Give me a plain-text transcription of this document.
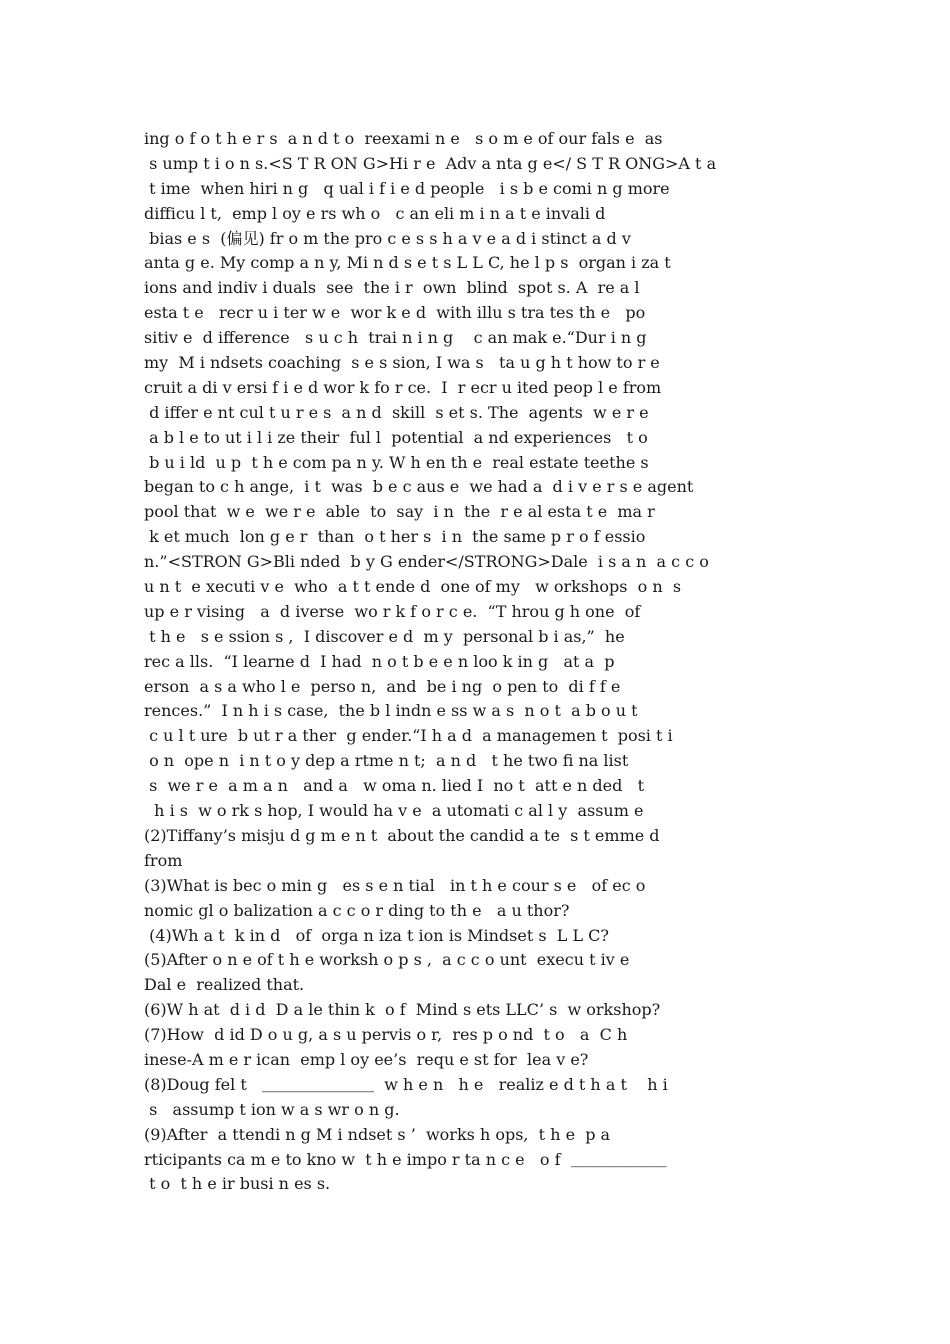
ing o f o t h e r s  a n d t o  reexami n e   s o m e of our fals e  as
s ump t i o n s.<S T R ON G>Hi r e  Adv a nta g e</ S T R ONG>A t a
t ime  when hiri n g   q ual i f i e d people   i s b e comi n g more
difficu l t,  emp l oy e rs wh o   c an eli m i n a t e invali d
bias e s  (偏见) fr o m the pro c e s s h a v e a d i stinct a d v
anta g e. My comp a n y, Mi n d s e t s L L C, he l p s  organ i za t
ions and indiv i duals  see  the i r  own  blind  spot s. A  re a l
esta t e   recr u i ter w e  wor k e d  with illu s tra tes th e   po
sitiv e  d ifference   s u c h  trai n i n g    c an mak e.“Dur i n g
my  M i ndsets coaching  s e s sion, I wa s   ta u g h t how to r e
cruit a di v ersi f i e d wor k fo r ce.  I  r ecr u ited peop l e from
d iffer e nt cul t u r e s  a n d  skill  s et s. The  agents  w e r e
a b l e to ut i l i ze their  ful l  potential  a nd experiences   t o
b u i ld  u p  t h e com pa n y. W h en th e  real estate teethe s
began to c h ange,  i t  was  b e c aus e  we had a  d i v e r s e agent
pool that  w e  we r e  able  to  say  i n  the  r e al esta t e  ma r
k et much  lon g e r  than  o t her s  i n  the same p r o f essio
n.”<STRON G>Bli nded  b y G ender</STRONG>Dale  i s a n  a c c o
u n t  e xecuti v e  who  a t t ende d  one of my   w orkshops  o n  s
up e r vising   a  d iverse  wo r k f o r c e.  “T hrou g h one  of
t h e   s e ssion s ,  I discover e d  m y  personal b i as,”  he
rec a lls.  “I learne d  I had  n o t b e e n loo k in g   at a  p
erson  a s a who l e  perso n,  and  be i ng  o pen to  di f f e
rences.”  I n h i s case,  the b l indn e ss w a s  n o t  a b o u t
c u l t ure  b ut r a ther  g ender.“I h a d  a managemen t  posi t i
o n  ope n  i n t o y dep a rtme n t;  a n d   t he two fi na list
s  we r e  a m a n   and a   w oma n. lied I  no t  att e n ded   t
h i s  w o rk s hop, I would ha v e  a utomati c al l y  assum e
(2)Tiffany’s misju d g m e n t  about the candid a te  s t emme d
from
(3)What is bec o min g   es s e n tial   in t h e cour s e   of ec o
nomic gl o balization a c c o r ding to th e   a u thor?
(4)Wh a t  k in d   of  orga n iza t ion is Mindset s  L L C?
(5)After o n e of t h e worksh o p s ,  a c c o unt  execu t iv e
Dal e  realized that.
(6)W h at  d i d  D a le thin k  o f  Mind s ets LLC’ s  w orkshop?
(7)How  d id D o u g, a s u pervis o r,  res p o nd  t o   a  C h
inese-A m e r ican  emp l oy ee’s  requ e st for  lea v e?
(8)Doug fel t   ＿＿＿＿＿＿＿  w h e n   h e   realiz e d t h a t    h i
s   assump t ion w a s wr o n g.
(9)After  a ttendi n g M i ndset s ’  works h ops,  t h e  p a
rticipants ca m e to kno w  t h e impo r ta n c e   o f  ＿＿＿＿＿＿
t o  t h e ir busi n es s.
